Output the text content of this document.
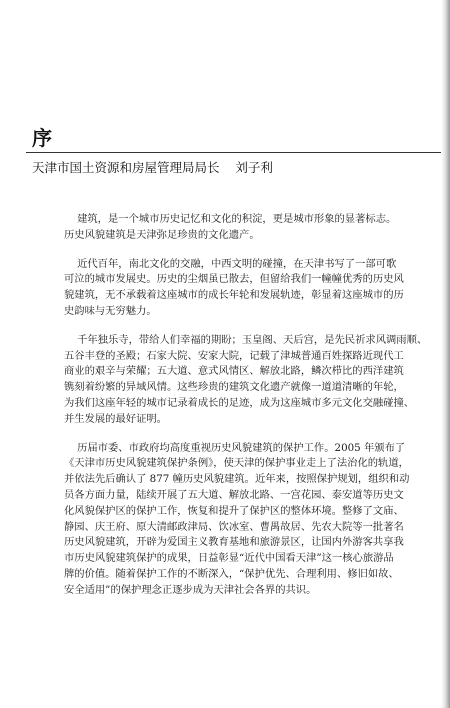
序
天津市国土资源和房屋管理局局长    刘子利
建筑，是一个城市历史记忆和文化的积淀，更是城市形象的显著标志。
历史风貌建筑是天津弥足珍贵的文化遗产。
近代百年，南北文化的交融，中西文明的碰撞，在天津书写了一部可歌
可泣的城市发展史。历史的尘烟虽已散去，但留给我们一幢幢优秀的历史风
貌建筑，无不承载着这座城市的成长年轮和发展轨迹，彰显着这座城市的历
史韵味与无穷魅力。
千年独乐寺，带给人们幸福的期盼；玉皇阁、天后宫，是先民祈求风调雨顺、
五谷丰登的圣殿；石家大院、安家大院，记载了津城普通百姓探路近现代工
商业的艰辛与荣耀；五大道、意式风情区、解放北路，鳞次栉比的西洋建筑
镌刻着纷繁的异域风情。这些珍贵的建筑文化遗产就像一道道清晰的年轮，
为我们这座年轻的城市记录着成长的足迹，成为这座城市多元文化交融碰撞、
并生发展的最好证明。
历届市委、市政府均高度重视历史风貌建筑的保护工作。2005 年颁布了
《天津市历史风貌建筑保护条例》，使天津的保护事业走上了法治化的轨道，
并依法先后确认了 877 幢历史风貌建筑。近年来，按照保护规划，组织和动
员各方面力量，陆续开展了五大道、解放北路、一宫花园、泰安道等历史文
化风貌保护区的保护工作，恢复和提升了保护区的整体环境。整修了文庙、
静园、庆王府、原大清邮政津局、饮冰室、曹禺故居、先农大院等一批著名
历史风貌建筑，开辟为爱国主义教育基地和旅游景区，让国内外游客共享我
市历史风貌建筑保护的成果，日益彰显“近代中国看天津”这一核心旅游品
牌的价值。随着保护工作的不断深入，“保护优先、合理利用、修旧如故、
安全适用”的保护理念正逐步成为天津社会各界的共识。
